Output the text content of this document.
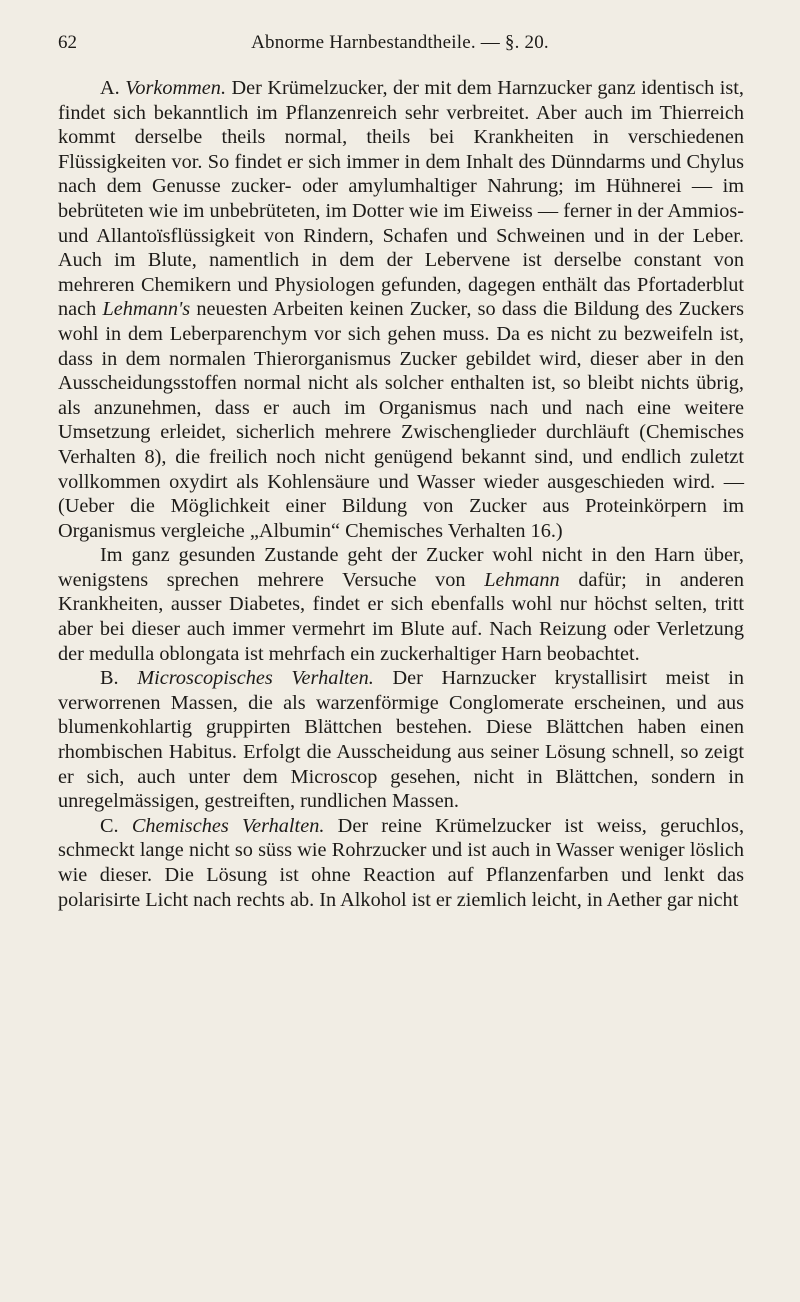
62	Abnorme Harnbestandtheile. — §. 20.

A. Vorkommen. Der Krümelzucker, der mit dem Harnzucker ganz identisch ist, findet sich bekanntlich im Pflanzenreich sehr verbreitet. Aber auch im Thierreich kommt derselbe theils normal, theils bei Krankheiten in verschiedenen Flüssigkeiten vor. So findet er sich immer in dem Inhalt des Dünndarms und Chylus nach dem Genusse zucker- oder amylumhaltiger Nahrung; im Hühnerei — im bebrüteten wie im unbebrüteten, im Dotter wie im Eiweiss — ferner in der Ammios- und Allantoïsflüssigkeit von Rindern, Schafen und Schweinen und in der Leber. Auch im Blute, namentlich in dem der Lebervene ist derselbe constant von mehreren Chemikern und Physiologen gefunden, dagegen enthält das Pfortaderblut nach Lehmann's neuesten Arbeiten keinen Zucker, so dass die Bildung des Zuckers wohl in dem Leberparenchym vor sich gehen muss. Da es nicht zu bezweifeln ist, dass in dem normalen Thierorganismus Zucker gebildet wird, dieser aber in den Ausscheidungsstoffen normal nicht als solcher enthalten ist, so bleibt nichts übrig, als anzunehmen, dass er auch im Organismus nach und nach eine weitere Umsetzung erleidet, sicherlich mehrere Zwischenglieder durchläuft (Chemisches Verhalten 8), die freilich noch nicht genügend bekannt sind, und endlich zuletzt vollkommen oxydirt als Kohlensäure und Wasser wieder ausgeschieden wird. — (Ueber die Möglichkeit einer Bildung von Zucker aus Proteinkörpern im Organismus vergleiche „Albumin“ Chemisches Verhalten 16.)

Im ganz gesunden Zustande geht der Zucker wohl nicht in den Harn über, wenigstens sprechen mehrere Versuche von Lehmann dafür; in anderen Krankheiten, ausser Diabetes, findet er sich ebenfalls wohl nur höchst selten, tritt aber bei dieser auch immer vermehrt im Blute auf. Nach Reizung oder Verletzung der medulla oblongata ist mehrfach ein zuckerhaltiger Harn beobachtet.

B. Microscopisches Verhalten. Der Harnzucker krystallisirt meist in verworrenen Massen, die als warzenförmige Conglomerate erscheinen, und aus blumenkohlartig gruppirten Blättchen bestehen. Diese Blättchen haben einen rhombischen Habitus. Erfolgt die Ausscheidung aus seiner Lösung schnell, so zeigt er sich, auch unter dem Microscop gesehen, nicht in Blättchen, sondern in unregelmässigen, gestreiften, rundlichen Massen.

C. Chemisches Verhalten. Der reine Krümelzucker ist weiss, geruchlos, schmeckt lange nicht so süss wie Rohrzucker und ist auch in Wasser weniger löslich wie dieser. Die Lösung ist ohne Reaction auf Pflanzenfarben und lenkt das polarisirte Licht nach rechts ab. In Alkohol ist er ziemlich leicht, in Aether gar nicht
